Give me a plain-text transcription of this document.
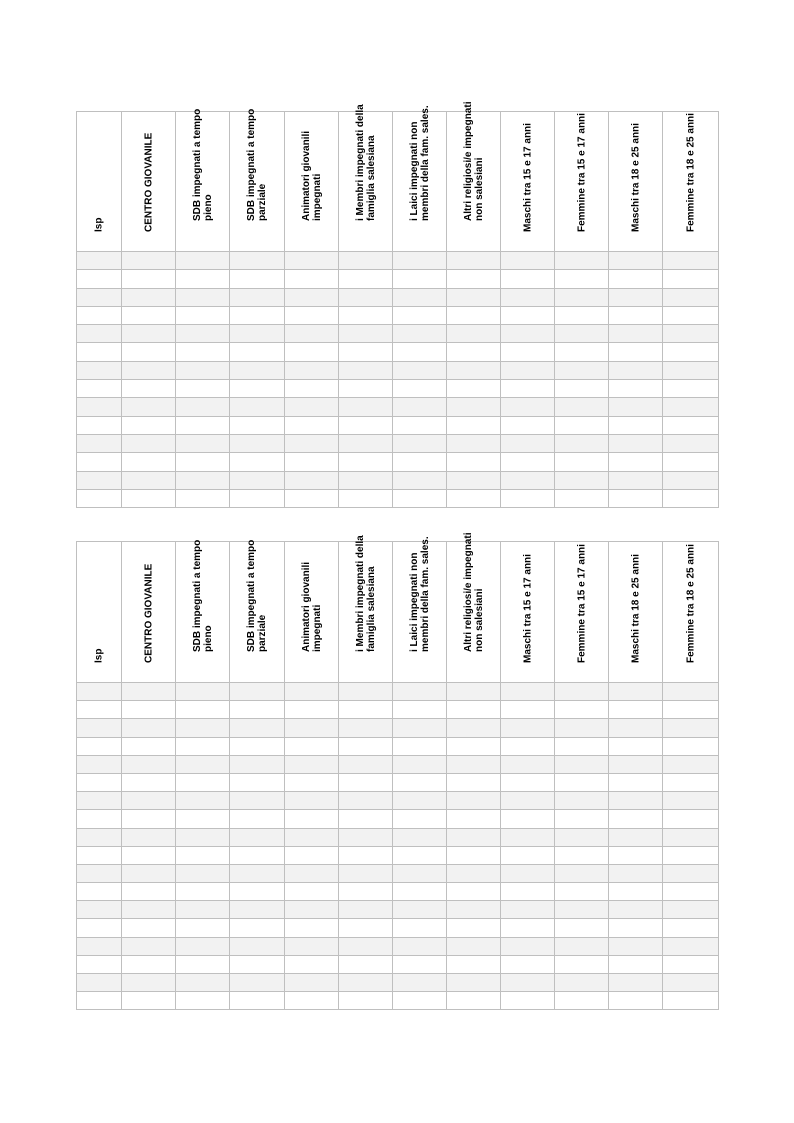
Isp	CENTRO GIOVANILE	SDB impegnati a tempo pieno	SDB impegnati a tempo parziale	Animatori giovanili impegnati	i Membri impegnati della famiglia salesiana	i Laici impegnati non membri della fam. sales.	Altri religiosi/e impegnati non salesiani	Maschi tra 15 e 17 anni	Femmine tra 15 e 17 anni	Maschi tra 18 e 25 anni	Femmine tra 18 e 25 anni

Isp	CENTRO GIOVANILE	SDB impegnati a tempo pieno	SDB impegnati a tempo parziale	Animatori giovanili impegnati	i Membri impegnati della famiglia salesiana	i Laici impegnati non membri della fam. sales.	Altri religiosi/e impegnati non salesiani	Maschi tra 15 e 17 anni	Femmine tra 15 e 17 anni	Maschi tra 18 e 25 anni	Femmine tra 18 e 25 anni
